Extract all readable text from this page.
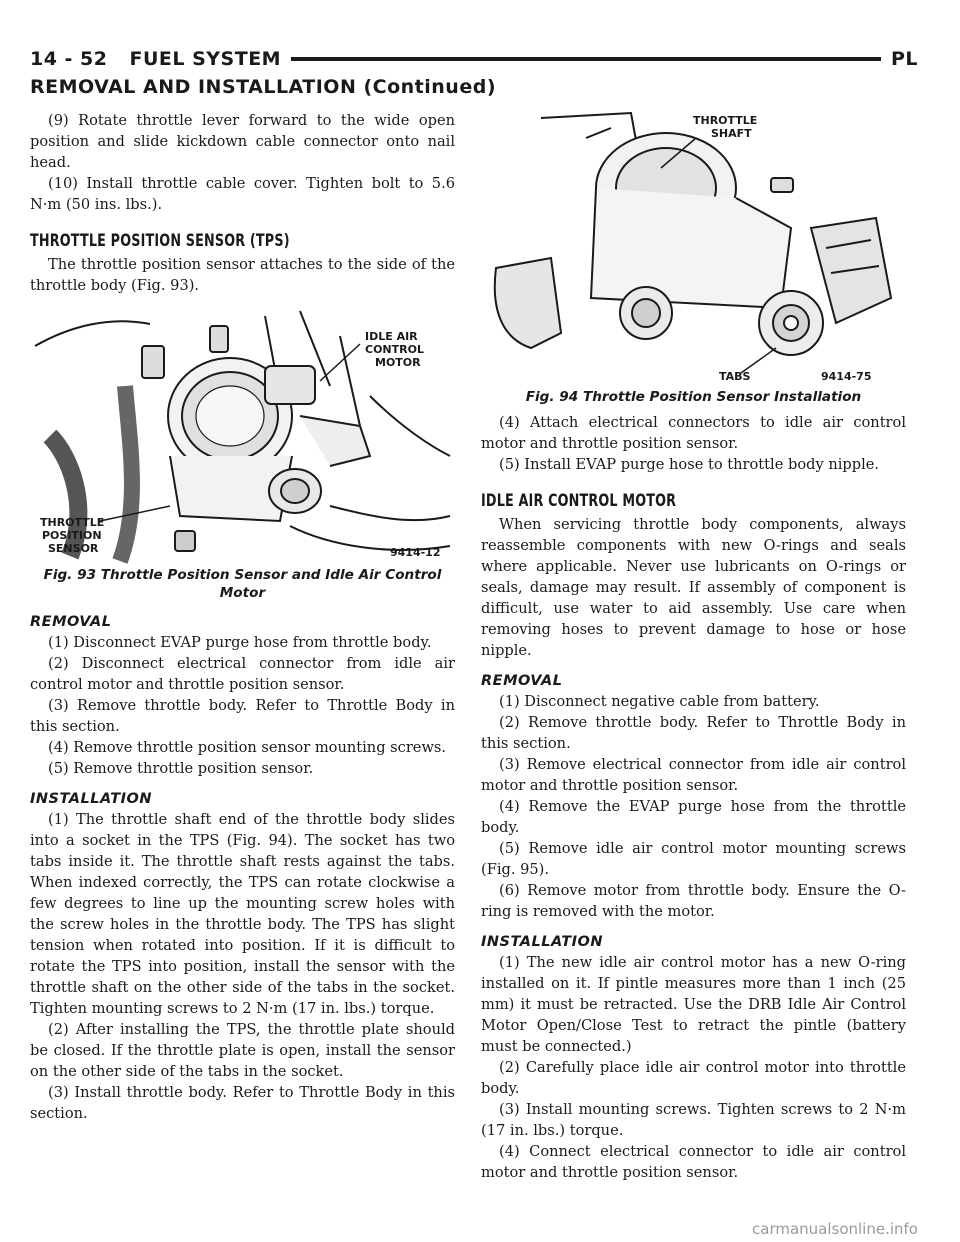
14 - 52 FUEL SYSTEM	PL
REMOVAL AND INSTALLATION (Continued)

(9) Rotate throttle lever forward to the wide open position and slide kickdown cable connector onto nail head.

(10) Install throttle cable cover. Tighten bolt to 5.6 N·m (50 ins. lbs.).

THROTTLE POSITION SENSOR (TPS)

The throttle position sensor attaches to the side of the throttle body (Fig. 93).

IDLE AIR
CONTROL
MOTOR
THROTTLE
POSITION
SENSOR	9414-12
Fig. 93 Throttle Position Sensor and Idle Air Control Motor
REMOVAL

(1) Disconnect EVAP purge hose from throttle body.

(2) Disconnect electrical connector from idle air control motor and throttle position sensor.

(3) Remove throttle body. Refer to Throttle Body in this section.

(4) Remove throttle position sensor mounting screws.

(5) Remove throttle position sensor.

INSTALLATION

(1) The throttle shaft end of the throttle body slides into a socket in the TPS (Fig. 94). The socket has two tabs inside it. The throttle shaft rests against the tabs. When indexed correctly, the TPS can rotate clockwise a few degrees to line up the mounting screw holes with the screw holes in the throttle body. The TPS has slight tension when rotated into position. If it is difficult to rotate the TPS into position, install the sensor with the throttle shaft on the other side of the tabs in the socket. Tighten mounting screws to 2 N·m (17 in. lbs.) torque.

(2) After installing the TPS, the throttle plate should be closed. If the throttle plate is open, install the sensor on the other side of the tabs in the socket.

(3) Install throttle body. Refer to Throttle Body in this section.

THROTTLE
SHAFT
TABS	9414-75
Fig. 94 Throttle Position Sensor Installation

(4) Attach electrical connectors to idle air control motor and throttle position sensor.

(5) Install EVAP purge hose to throttle body nipple.

IDLE AIR CONTROL MOTOR

When servicing throttle body components, always reassemble components with new O-rings and seals where applicable. Never use lubricants on O-rings or seals, damage may result. If assembly of component is difficult, use water to aid assembly. Use care when removing hoses to prevent damage to hose or hose nipple.

REMOVAL

(1) Disconnect negative cable from battery.

(2) Remove throttle body. Refer to Throttle Body in this section.

(3) Remove electrical connector from idle air control motor and throttle position sensor.

(4) Remove the EVAP purge hose from the throttle body.

(5) Remove idle air control motor mounting screws (Fig. 95).

(6) Remove motor from throttle body. Ensure the O-ring is removed with the motor.

INSTALLATION

(1) The new idle air control motor has a new O-ring installed on it. If pintle measures more than 1 inch (25 mm) it must be retracted. Use the DRB Idle Air Control Motor Open/Close Test to retract the pintle (battery must be connected.)

(2) Carefully place idle air control motor into throttle body.

(3) Install mounting screws. Tighten screws to 2 N·m (17 in. lbs.) torque.

(4) Connect electrical connector to idle air control motor and throttle position sensor.

carmanualsonline.info
